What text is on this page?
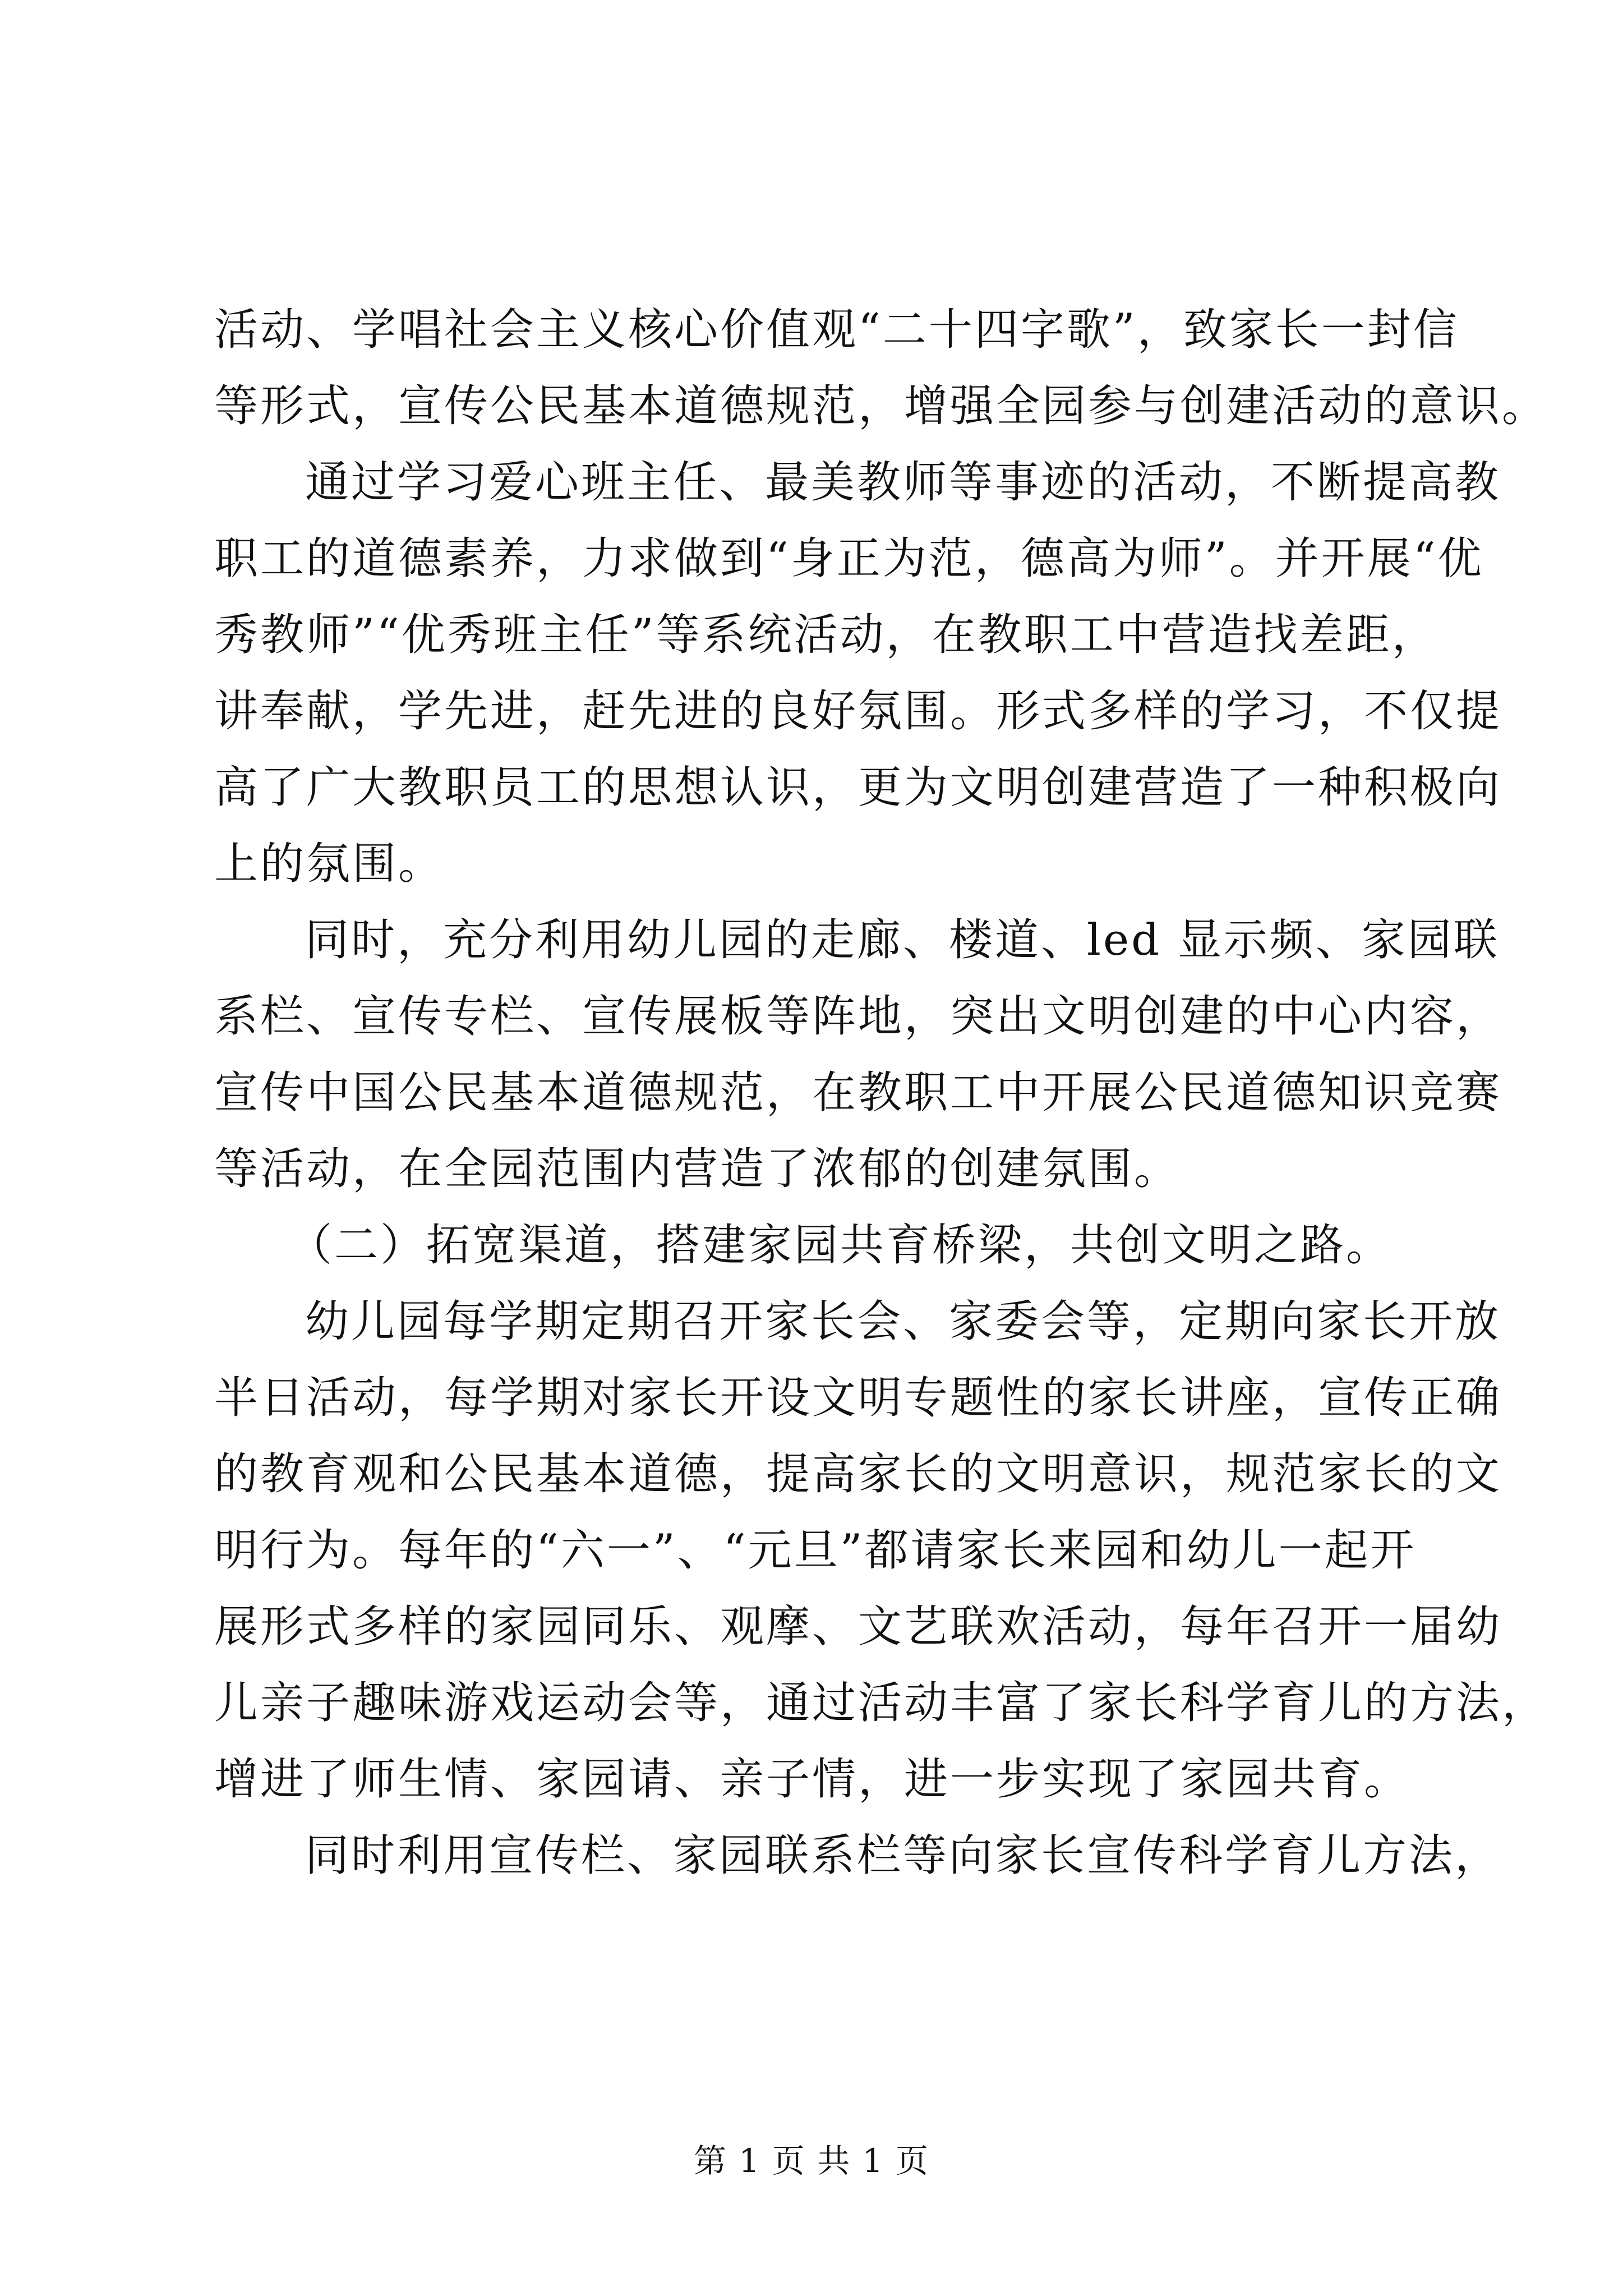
活动、学唱社会主义核心价值观“二十四字歌”，致家长一封信
等形式，宣传公民基本道德规范，增强全园参与创建活动的意识。
通过学习爱心班主任、最美教师等事迹的活动，不断提高教
职工的道德素养，力求做到“身正为范，德高为师”。并开展“优
秀教师”“优秀班主任”等系统活动，在教职工中营造找差距，
讲奉献，学先进，赶先进的良好氛围。形式多样的学习，不仅提
高了广大教职员工的思想认识，更为文明创建营造了一种积极向
上的氛围。
同时，充分利用幼儿园的走廊、楼道、led 显示频、家园联
系栏、宣传专栏、宣传展板等阵地，突出文明创建的中心内容，
宣传中国公民基本道德规范，在教职工中开展公民道德知识竞赛
等活动，在全园范围内营造了浓郁的创建氛围。
（二）拓宽渠道，搭建家园共育桥梁，共创文明之路。
幼儿园每学期定期召开家长会、家委会等，定期向家长开放
半日活动，每学期对家长开设文明专题性的家长讲座，宣传正确
的教育观和公民基本道德，提高家长的文明意识，规范家长的文
明行为。每年的“六一”、“元旦”都请家长来园和幼儿一起开
展形式多样的家园同乐、观摩、文艺联欢活动，每年召开一届幼
儿亲子趣味游戏运动会等，通过活动丰富了家长科学育儿的方法，
增进了师生情、家园请、亲子情，进一步实现了家园共育。
同时利用宣传栏、家园联系栏等向家长宣传科学育儿方法，
第 1 页 共 1 页
